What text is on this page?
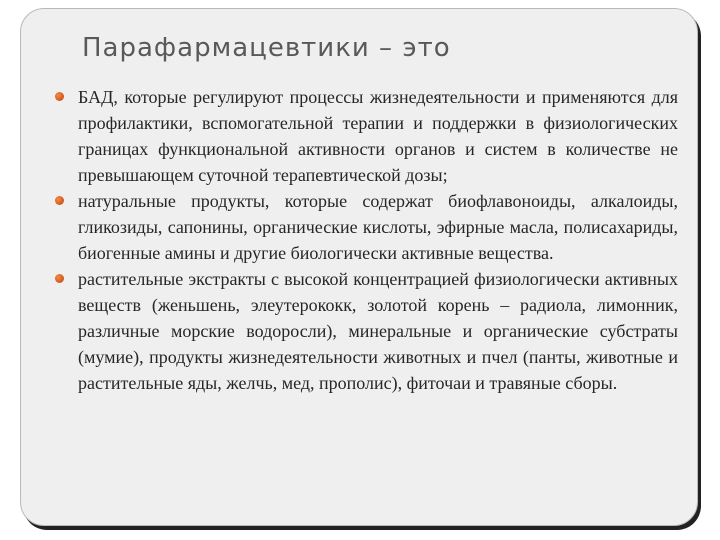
Парафармацевтики – это
БАД, которые регулируют процессы жизнедеятельности и применяются для профилактики, вспомогательной терапии и поддержки в физиологических границах функциональной активности органов и систем в количестве не превышающем суточной терапевтической дозы;
натуральные продукты, которые содержат биофлавоноиды, алкалоиды, гликозиды, сапонины, органические кислоты, эфирные масла, полисахариды, биогенные амины и другие биологически активные вещества.
растительные экстракты с высокой концентрацией физиологически активных веществ (женьшень, элеутерококк, золотой корень – радиола, лимонник, различные морские водоросли), минеральные и органические субстраты (мумие), продукты жизнедеятельности животных и пчел (панты, животные и растительные яды, желчь, мед, прополис), фиточаи и травяные сборы.
